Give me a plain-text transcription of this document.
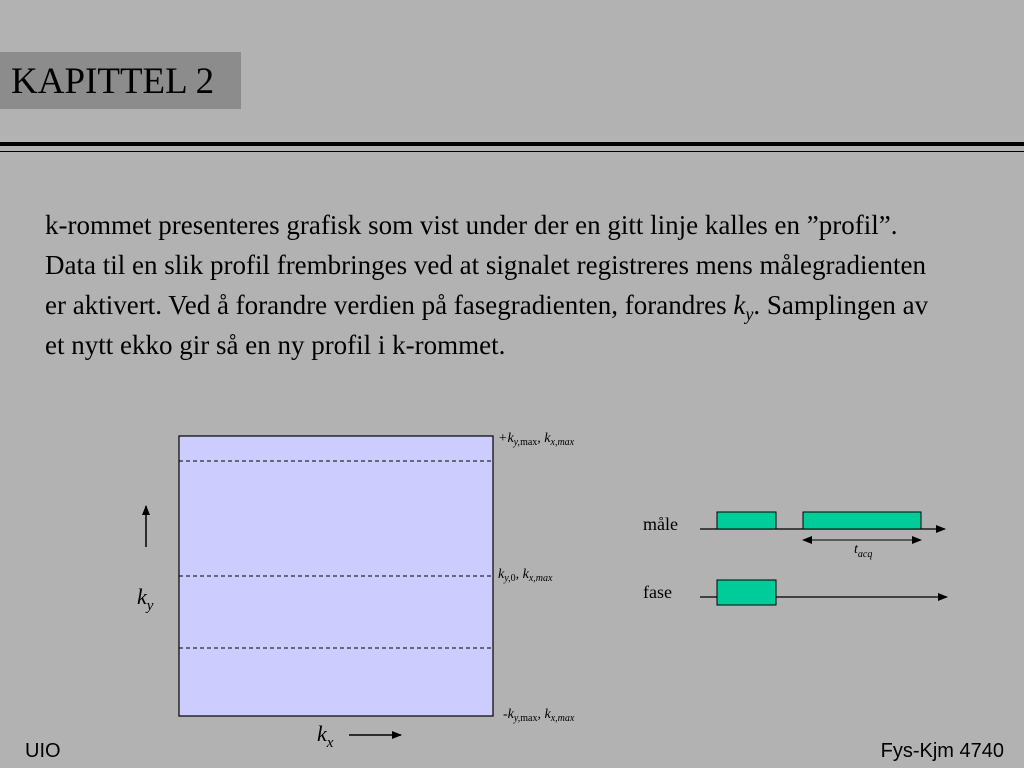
KAPITTEL 2
k-rommet presenteres grafisk som vist under der en gitt linje kalles en ”profil”. Data til en slik profil frembringes ved at signalet registreres mens målegradienten er aktivert. Ved å forandre verdien på fasegradienten, forandres $k_y$. Samplingen av et nytt ekko gir så en ny profil i k-rommet.
$+k_{y,}\max$, $k_{x,max}$
$k_{y,}0$, $k_{x,max}$
$-k_{y,}\max$, $k_{x,max}$
$k_y$
$k_x$
måle
$t_{acq}$
fase
UIO	Fys-Kjm 4740
